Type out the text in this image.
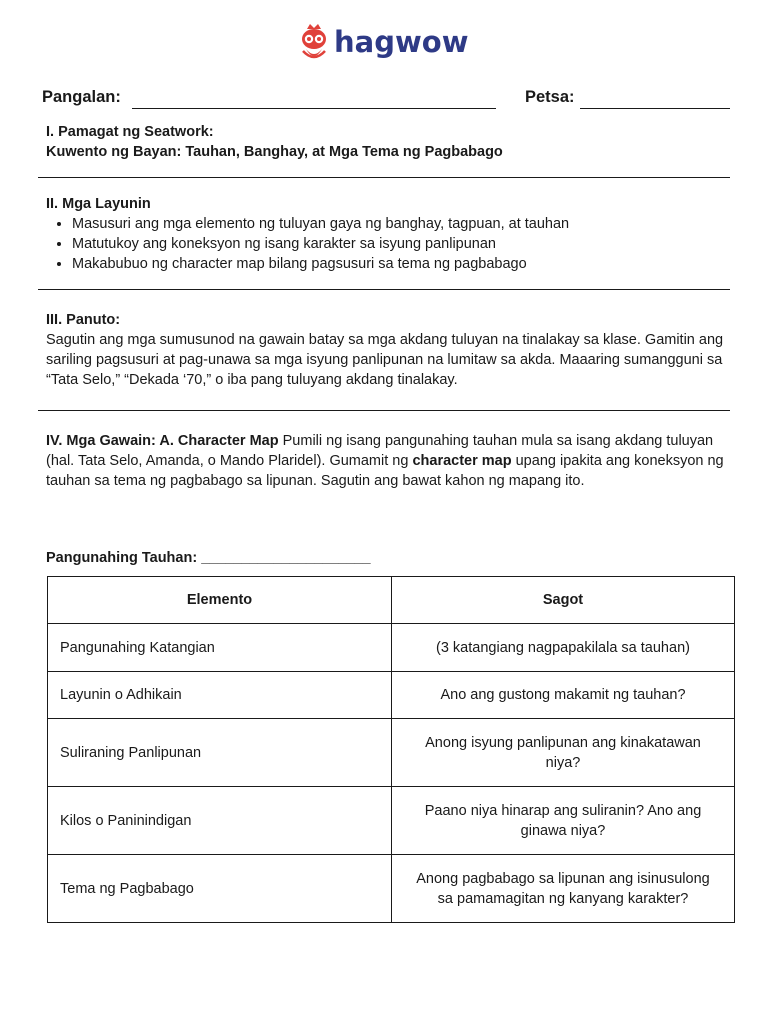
hagwow
Pangalan:	Petsa:
I. Pamagat ng Seatwork:
Kuwento ng Bayan: Tauhan, Banghay, at Mga Tema ng Pagbabago
II. Mga Layunin
• Masusuri ang mga elemento ng tuluyan gaya ng banghay, tagpuan, at tauhan
• Matutukoy ang koneksyon ng isang karakter sa isyung panlipunan
• Makabubuo ng character map bilang pagsusuri sa tema ng pagbabago
III. Panuto:
Sagutin ang mga sumusunod na gawain batay sa mga akdang tuluyan na tinalakay sa klase. Gamitin ang sariling pagsusuri at pag-unawa sa mga isyung panlipunan na lumitaw sa akda. Maaaring sumangguni sa “Tata Selo,” “Dekada ‘70,” o iba pang tuluyang akdang tinalakay.
IV. Mga Gawain: A. Character Map Pumili ng isang pangunahing tauhan mula sa isang akdang tuluyan (hal. Tata Selo, Amanda, o Mando Plaridel). Gumamit ng character map upang ipakita ang koneksyon ng tauhan sa tema ng pagbabago sa lipunan. Sagutin ang bawat kahon ng mapang ito.
Pangunahing Tauhan: _____________________
Elemento	Sagot
Pangunahing Katangian	(3 katangiang nagpapakilala sa tauhan)
Layunin o Adhikain	Ano ang gustong makamit ng tauhan?
Suliraning Panlipunan	Anong isyung panlipunan ang kinakatawan niya?
Kilos o Paninindigan	Paano niya hinarap ang suliranin? Ano ang ginawa niya?
Tema ng Pagbabago	Anong pagbabago sa lipunan ang isinusulong sa pamamagitan ng kanyang karakter?
